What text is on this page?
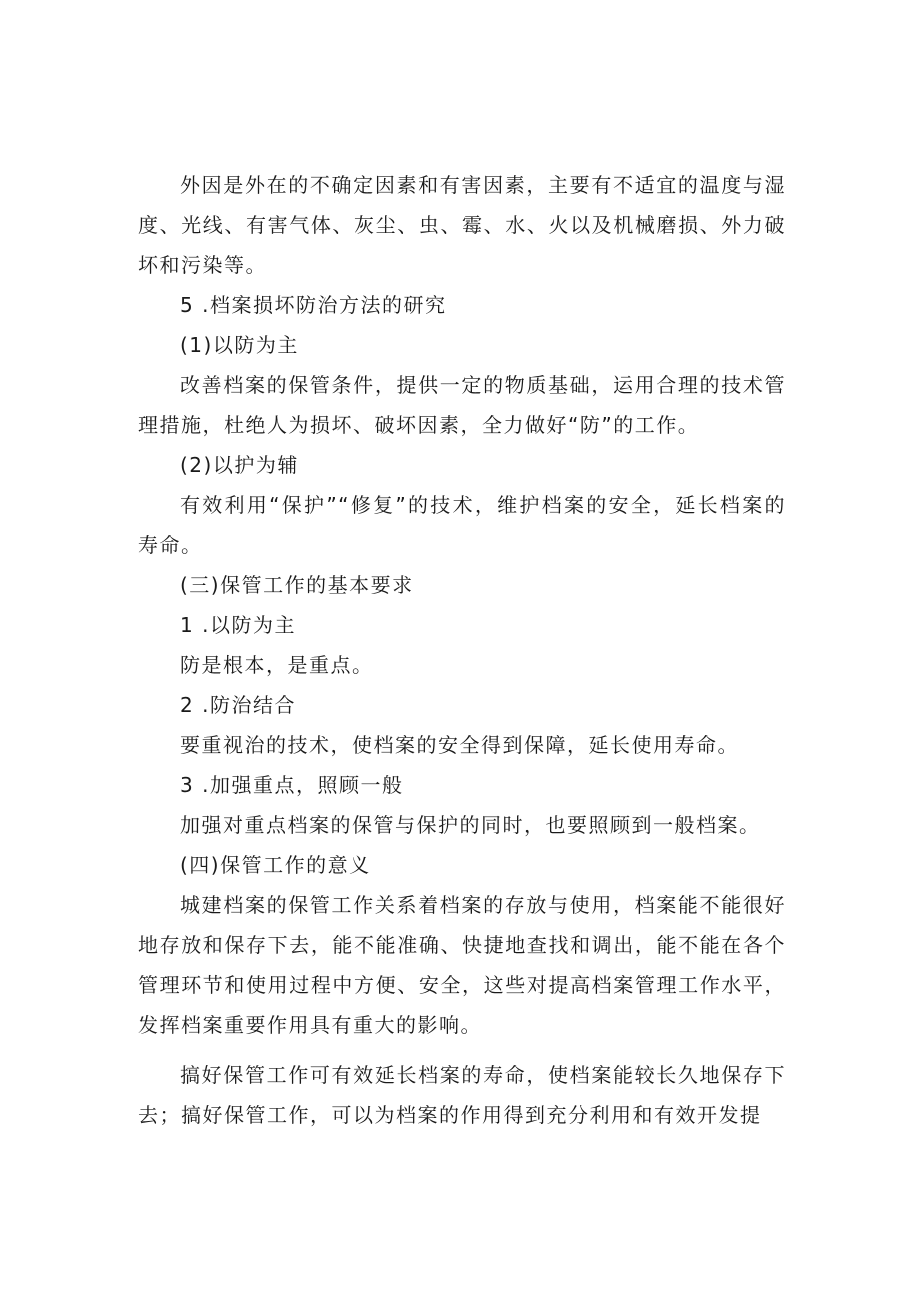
外因是外在的不确定因素和有害因素，主要有不适宜的温度与湿度、光线、有害气体、灰尘、虫、霉、水、火以及机械磨损、外力破坏和污染等。

5 .档案损坏防治方法的研究

(1)以防为主

改善档案的保管条件，提供一定的物质基础，运用合理的技术管理措施，杜绝人为损坏、破坏因素，全力做好“防”的工作。

(2)以护为辅

有效利用“保护”“修复”的技术，维护档案的安全，延长档案的寿命。

(三)保管工作的基本要求

1 .以防为主

防是根本，是重点。

2 .防治结合

要重视治的技术，使档案的安全得到保障，延长使用寿命。

3 .加强重点，照顾一般

加强对重点档案的保管与保护的同时，也要照顾到一般档案。

(四)保管工作的意义

城建档案的保管工作关系着档案的存放与使用，档案能不能很好地存放和保存下去，能不能准确、快捷地查找和调出，能不能在各个管理环节和使用过程中方便、安全，这些对提高档案管理工作水平，发挥档案重要作用具有重大的影响。

搞好保管工作可有效延长档案的寿命，使档案能较长久地保存下去；搞好保管工作，可以为档案的作用得到充分利用和有效开发提
